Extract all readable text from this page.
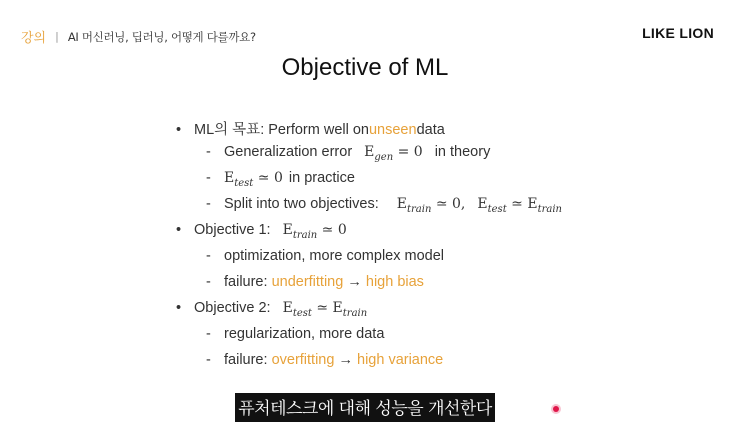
강의 | AI 머신러닝, 딥러닝, 어떻게 다를까요?	LIKE LION
Objective of ML
• ML의 목표: Perform well on unseen data
- Generalization error $E_{gen} = 0$ in theory
- $E_{test}$ ≃ 0 in practice
- Split into two objectives: $E_{train}$ ≃ 0, $E_{test}$ ≃ $E_{train}$
• Objective 1: $E_{train}$ ≃ 0
- optimization, more complex model
- failure: underfitting → high bias
• Objective 2: $E_{test}$ ≃ $E_{train}$
- regularization, more data
- failure: overfitting → high variance
퓨처테스크에 대해 성능을 개선한다
